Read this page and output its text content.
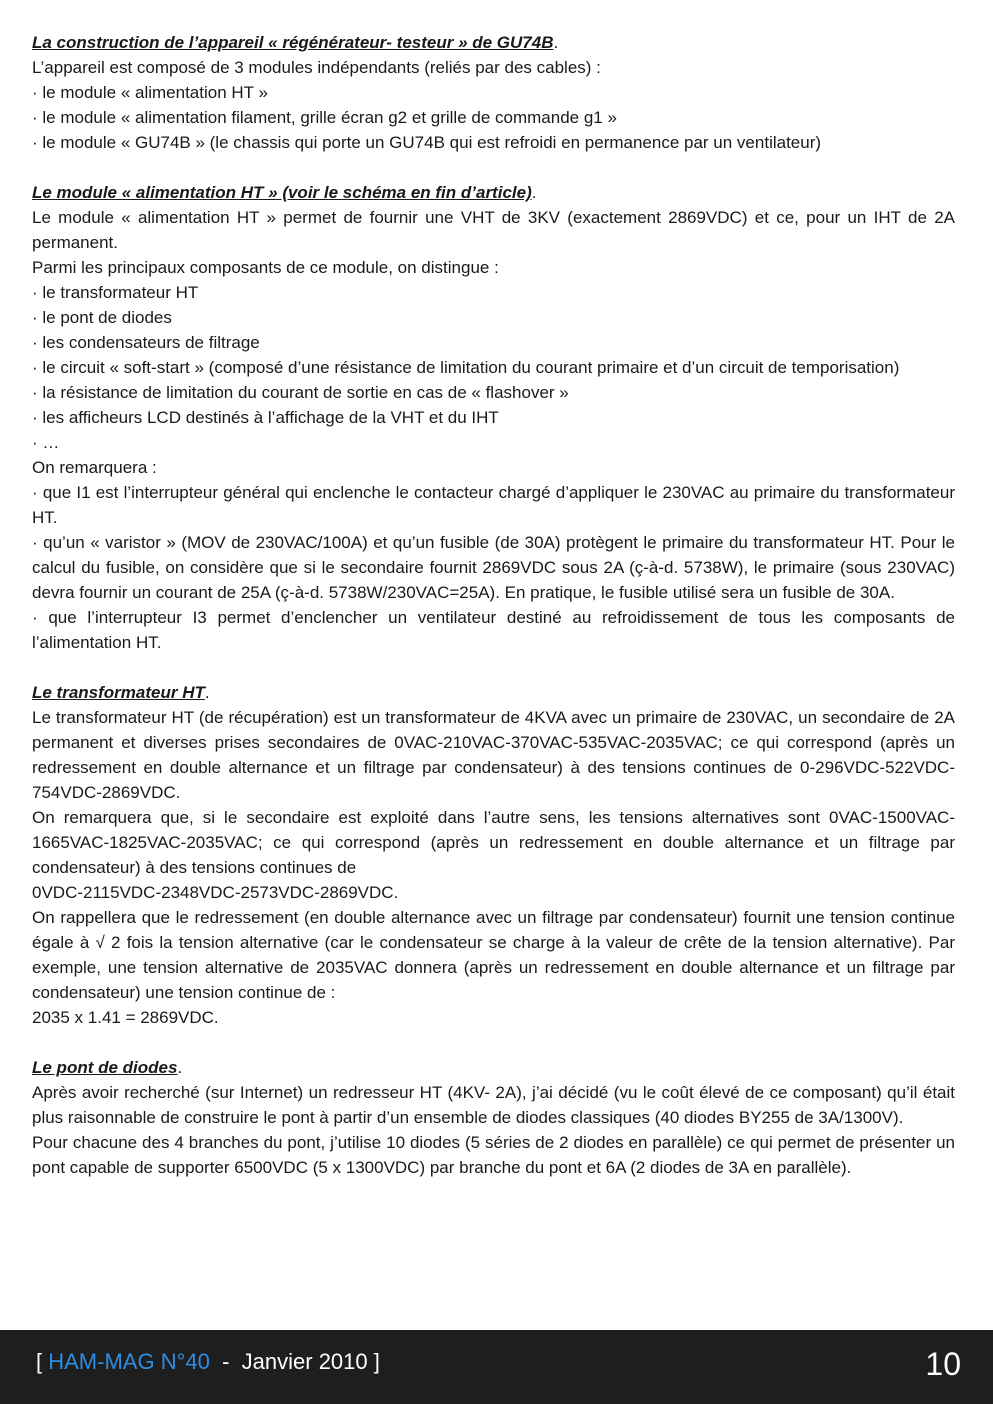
La construction de l’appareil « régénérateur- testeur » de GU74B.

L’appareil est composé de 3 modules indépendants (reliés par des cables) :

· le module « alimentation HT »

· le module « alimentation filament, grille écran g2 et grille de commande g1 »

· le module « GU74B » (le chassis qui porte un GU74B qui est refroidi en permanence par un ventilateur)

Le module « alimentation HT » (voir le schéma en fin d’article).

Le module « alimentation HT » permet de fournir une VHT de 3KV (exactement 2869VDC) et ce, pour un IHT de 2A permanent.

Parmi les principaux composants de ce module, on distingue :

· le transformateur HT

· le pont de diodes

· les condensateurs de filtrage

· le circuit « soft-start » (composé d’une résistance de limitation du courant primaire et d’un circuit de temporisation)

· la résistance de limitation du courant de sortie en cas de « flashover »

· les afficheurs LCD destinés à l’affichage de la VHT et du IHT

· …

On remarquera :

· que I1 est l’interrupteur général qui enclenche le contacteur chargé d’appliquer le 230VAC au primaire du transformateur HT.

· qu’un « varistor » (MOV de 230VAC/100A) et qu’un fusible (de 30A) protègent le primaire du transformateur HT. Pour le calcul du fusible, on considère que si le secondaire fournit 2869VDC sous 2A (ç-à-d. 5738W), le primaire (sous 230VAC) devra fournir un courant de 25A (ç-à-d. 5738W/230VAC=25A). En pratique, le fusible utilisé sera un fusible de 30A.

· que l’interrupteur I3 permet d’enclencher un ventilateur destiné au refroidissement de tous les composants de l’alimentation HT.

Le transformateur HT.

Le transformateur HT (de récupération) est un transformateur de 4KVA avec un primaire de 230VAC, un secondaire de 2A permanent et diverses prises secondaires de 0VAC-210VAC-370VAC-535VAC-2035VAC; ce qui correspond (après un redressement en double alternance et un filtrage par condensateur) à des tensions continues de 0-296VDC-522VDC-754VDC-2869VDC.

On remarquera que, si le secondaire est exploité dans l’autre sens, les tensions alternatives sont 0VAC-1500VAC-1665VAC-1825VAC-2035VAC; ce qui correspond (après un redressement en double alternance et un filtrage par condensateur) à des tensions continues de

0VDC-2115VDC-2348VDC-2573VDC-2869VDC.

On rappellera que le redressement (en double alternance avec un filtrage par condensateur) fournit une tension continue égale à √ 2 fois la tension alternative (car le condensateur se charge à la valeur de crête de la tension alternative). Par exemple, une tension alternative de 2035VAC donnera (après un redressement en double alternance et un filtrage par condensateur) une tension continue de :

2035 x 1.41 = 2869VDC.

Le pont de diodes.

Après avoir recherché (sur Internet) un redresseur HT (4KV- 2A), j’ai décidé (vu le coût élevé de ce composant) qu’il était plus raisonnable de construire le pont à partir d’un ensemble de diodes classiques (40 diodes BY255 de 3A/1300V).

Pour chacune des 4 branches du pont, j’utilise 10 diodes (5 séries de 2 diodes en parallèle) ce qui permet de présenter un pont capable de supporter 6500VDC (5 x 1300VDC) par branche du pont et 6A (2 diodes de 3A en parallèle).

[ HAM-MAG N°40 - Janvier 2010 ]	10
